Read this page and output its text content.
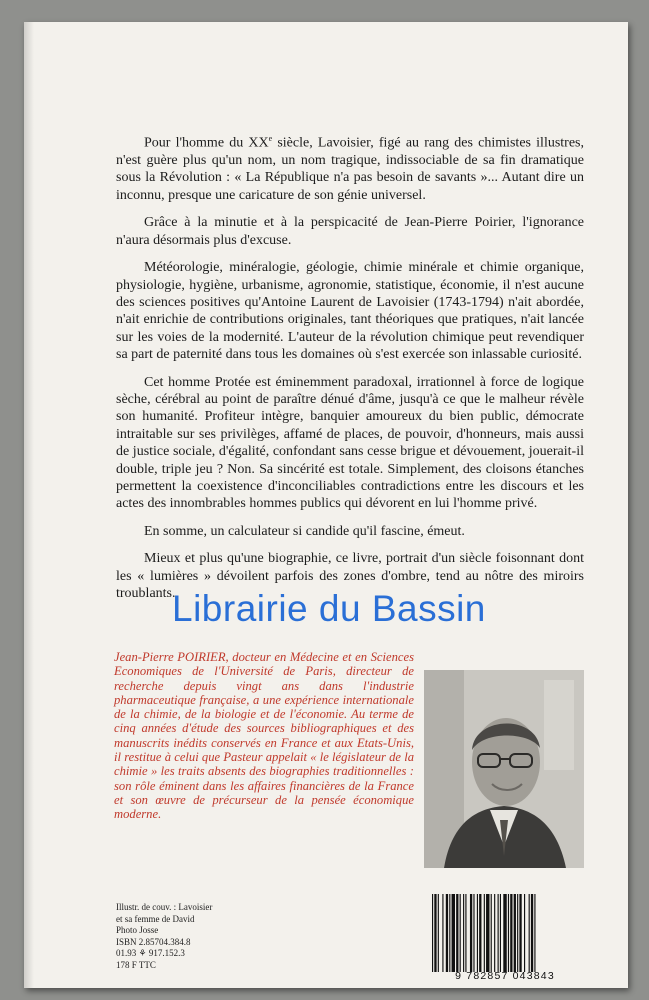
Pour l'homme du XXe siècle, Lavoisier, figé au rang des chimistes illustres, n'est guère plus qu'un nom, un nom tragique, indissociable de sa fin dramatique sous la Révolution : « La République n'a pas besoin de savants »... Autant dire un inconnu, presque une caricature de son génie universel.

Grâce à la minutie et à la perspicacité de Jean-Pierre Poirier, l'ignorance n'aura désormais plus d'excuse.

Météorologie, minéralogie, géologie, chimie minérale et chimie organique, physiologie, hygiène, urbanisme, agronomie, statistique, économie, il n'est aucune des sciences positives qu'Antoine Laurent de Lavoisier (1743-1794) n'ait abordée, n'ait enrichie de contributions originales, tant théoriques que pratiques, n'ait lancée sur les voies de la modernité. L'auteur de la révolution chimique peut revendiquer sa part de paternité dans tous les domaines où s'est exercée son inlassable curiosité.

Cet homme Protée est éminemment paradoxal, irrationnel à force de logique sèche, cérébral au point de paraître dénué d'âme, jusqu'à ce que le malheur révèle son humanité. Profiteur intègre, banquier amoureux du bien public, démocrate intraitable sur ses privilèges, affamé de places, de pouvoir, d'honneurs, mais aussi de justice sociale, d'égalité, confondant sans cesse brigue et dévouement, jouerait-il double, triple jeu ? Non. Sa sincérité est totale. Simplement, des cloisons étanches permettent la coexistence d'inconciliables contradictions entre les discours et les actes des innombrables hommes publics qui dévorent en lui l'homme privé.

En somme, un calculateur si candide qu'il fascine, émeut.

Mieux et plus qu'une biographie, ce livre, portrait d'un siècle foisonnant dont les « lumières » dévoilent parfois des zones d'ombre, tend au nôtre des miroirs troublants.

Jean-Pierre POIRIER, docteur en Médecine et en Sciences Economiques de l'Université de Paris, directeur de recherche depuis vingt ans dans l'industrie pharmaceutique française, a une expérience internationale de la chimie, de la biologie et de l'économie. Au terme de cinq années d'étude des sources bibliographiques et des manuscrits inédits conservés en France et aux Etats-Unis, il restitue à celui que Pasteur appelait « le législateur de la chimie » les traits absents des biographies traditionnelles : son rôle éminent dans les affaires financières de la France et son œuvre de précurseur de la pensée économique moderne.

Illustr. de couv. : Lavoisier
et sa femme de David
Photo Josse
ISBN 2.85704.384.8
01.93 ⚘ 917.152.3
178 F TTC
9 782857 043843
Librairie du Bassin
